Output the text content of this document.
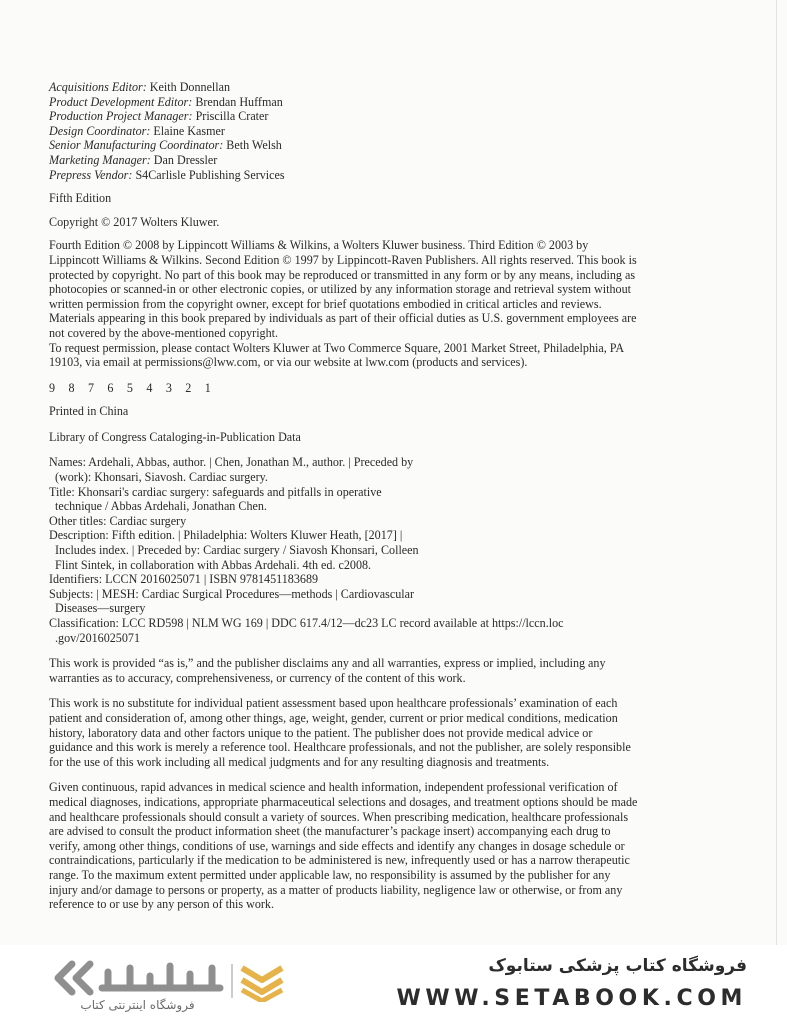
Acquisitions Editor: Keith Donnellan
Product Development Editor: Brendan Huffman
Production Project Manager: Priscilla Crater
Design Coordinator: Elaine Kasmer
Senior Manufacturing Coordinator: Beth Welsh
Marketing Manager: Dan Dressler
Prepress Vendor: S4Carlisle Publishing Services

Fifth Edition

Copyright © 2017 Wolters Kluwer.

Fourth Edition © 2008 by Lippincott Williams & Wilkins, a Wolters Kluwer business. Third Edition © 2003 by Lippincott Williams & Wilkins. Second Edition © 1997 by Lippincott-Raven Publishers. All rights reserved. This book is protected by copyright. No part of this book may be reproduced or transmitted in any form or by any means, including as photocopies or scanned-in or other electronic copies, or utilized by any information storage and retrieval system without written permission from the copyright owner, except for brief quotations embodied in critical articles and reviews. Materials appearing in this book prepared by individuals as part of their official duties as U.S. government employees are not covered by the above-mentioned copyright.

To request permission, please contact Wolters Kluwer at Two Commerce Square, 2001 Market Street, Philadelphia, PA 19103, via email at permissions@lww.com, or via our website at lww.com (products and services).

9 8 7 6 5 4 3 2 1

Printed in China

Library of Congress Cataloging-in-Publication Data

Names: Ardehali, Abbas, author. | Chen, Jonathan M., author. | Preceded by
(work): Khonsari, Siavosh. Cardiac surgery.
Title: Khonsari's cardiac surgery: safeguards and pitfalls in operative
technique / Abbas Ardehali, Jonathan Chen.
Other titles: Cardiac surgery
Description: Fifth edition. | Philadelphia: Wolters Kluwer Heath, [2017] |
Includes index. | Preceded by: Cardiac surgery / Siavosh Khonsari, Colleen
Flint Sintek, in collaboration with Abbas Ardehali. 4th ed. c2008.
Identifiers: LCCN 2016025071 | ISBN 9781451183689
Subjects: | MESH: Cardiac Surgical Procedures—methods | Cardiovascular
Diseases—surgery
Classification: LCC RD598 | NLM WG 169 | DDC 617.4/12—dc23 LC record available at https://lccn.loc
.gov/2016025071

This work is provided “as is,” and the publisher disclaims any and all warranties, express or implied, including any warranties as to accuracy, comprehensiveness, or currency of the content of this work.

This work is no substitute for individual patient assessment based upon healthcare professionals’ examination of each patient and consideration of, among other things, age, weight, gender, current or prior medical conditions, medication history, laboratory data and other factors unique to the patient. The publisher does not provide medical advice or guidance and this work is merely a reference tool. Healthcare professionals, and not the publisher, are solely responsible for the use of this work including all medical judgments and for any resulting diagnosis and treatments.

Given continuous, rapid advances in medical science and health information, independent professional verification of medical diagnoses, indications, appropriate pharmaceutical selections and dosages, and treatment options should be made and healthcare professionals should consult a variety of sources. When prescribing medication, healthcare professionals are advised to consult the product information sheet (the manufacturer’s package insert) accompanying each drug to verify, among other things, conditions of use, warnings and side effects and identify any changes in dosage schedule or contraindications, particularly if the medication to be administered is new, infrequently used or has a narrow therapeutic range. To the maximum extent permitted under applicable law, no responsibility is assumed by the publisher for any injury and/or damage to persons or property, as a matter of products liability, negligence law or otherwise, or from any reference to or use by any person of this work.

فروشگاه اینترنتی کتاب
فروشگاه کتاب پزشکی ستابوک
WWW.SETABOOK.COM
